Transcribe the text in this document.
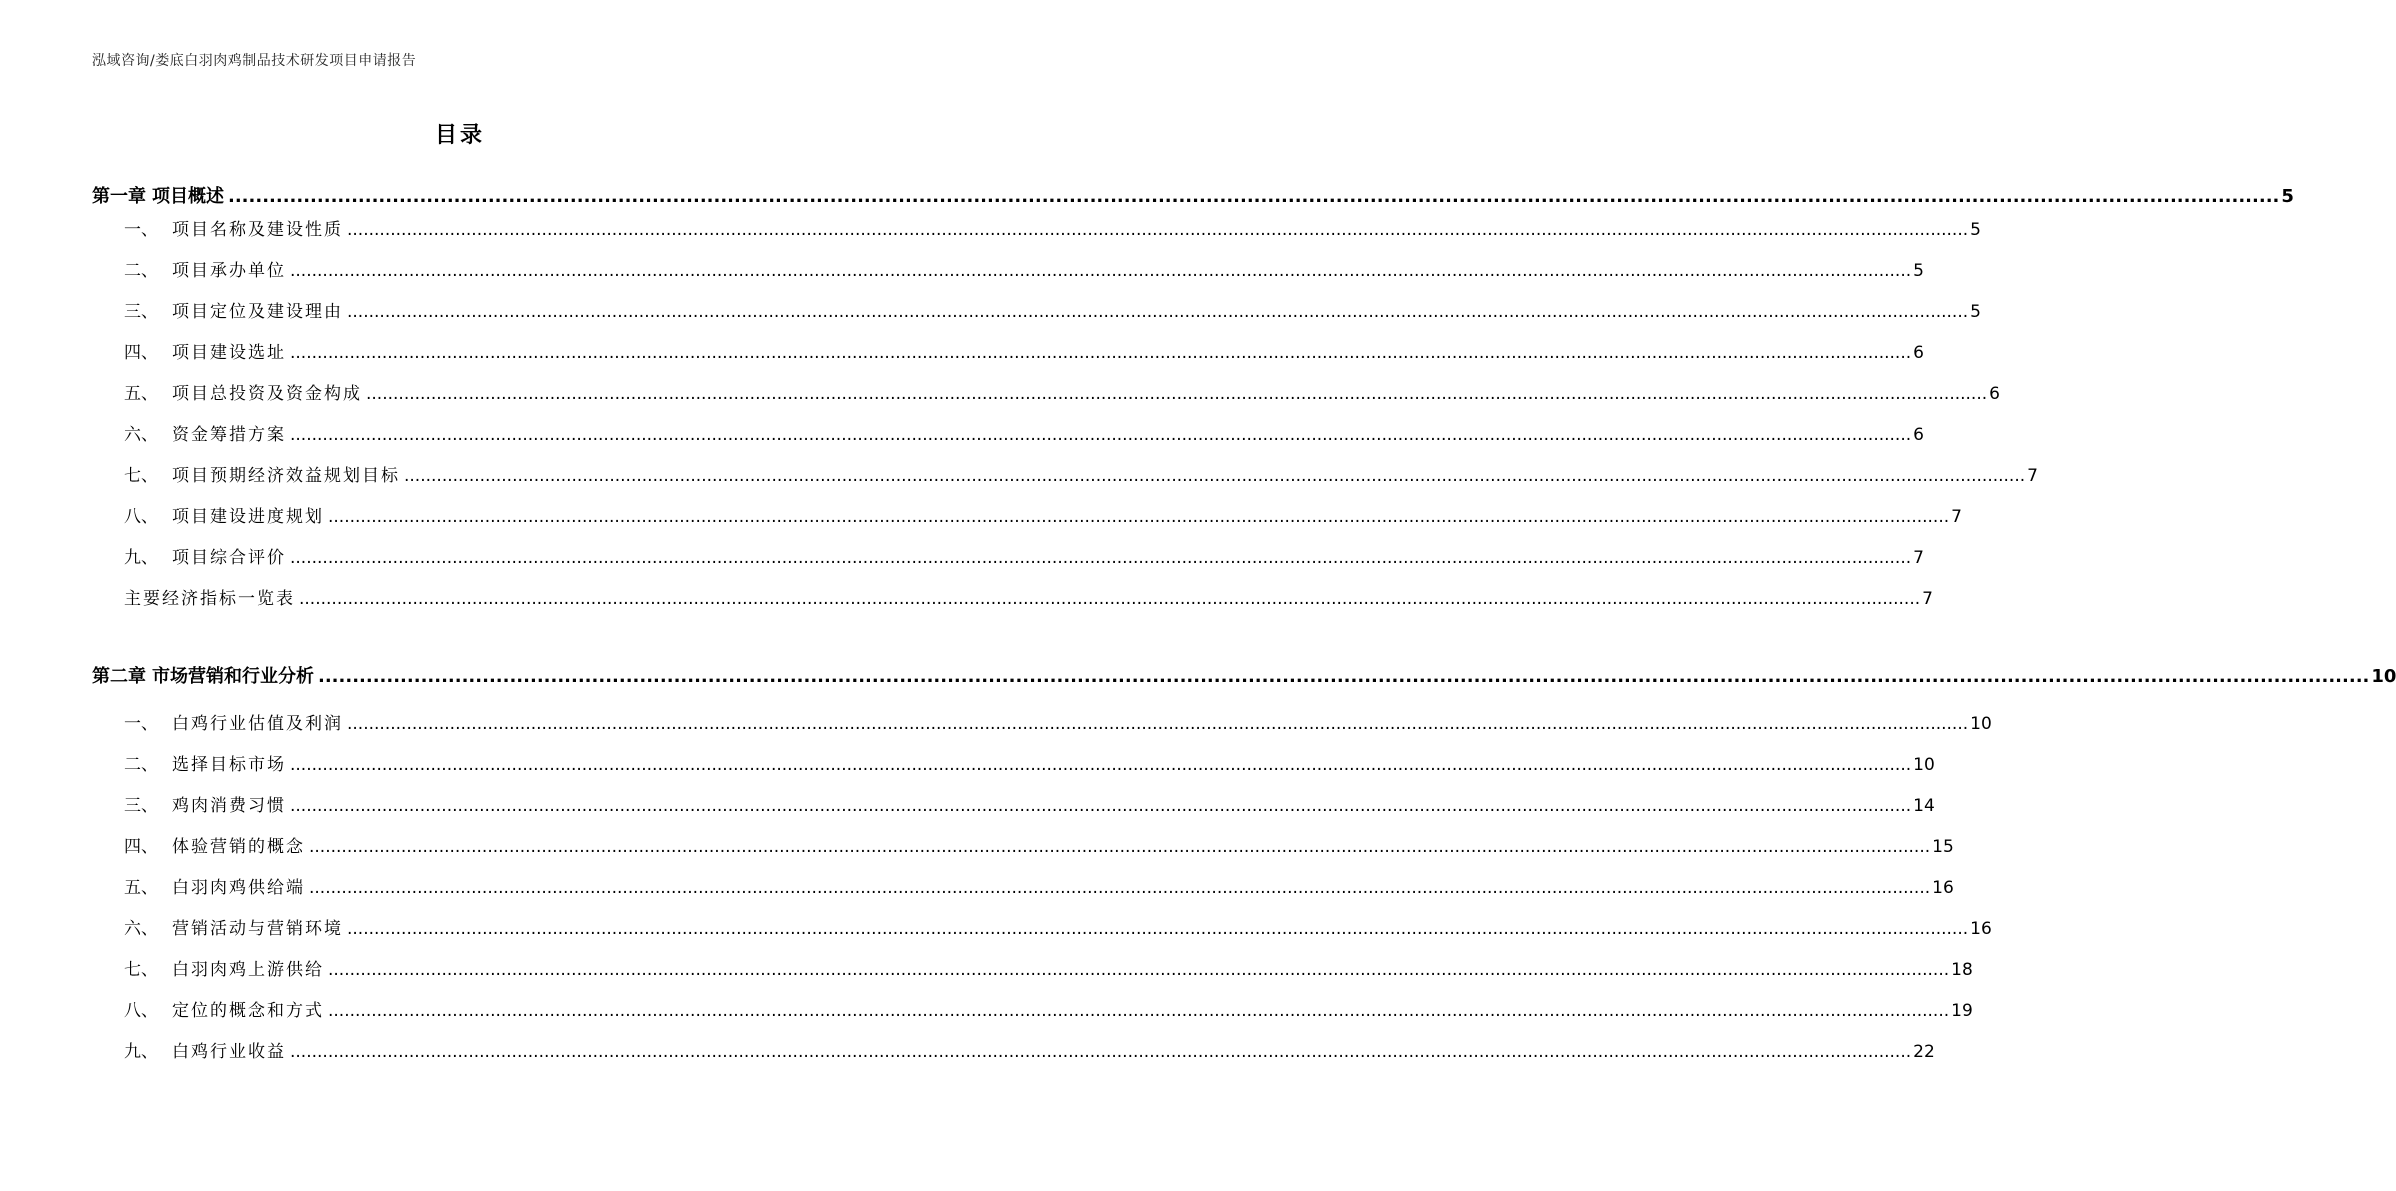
泓域咨询/娄底白羽肉鸡制品技术研发项目申请报告
目录
第一章 项目概述 ............................................................................................................................................................................................................................................................................................................ 5
一、 项目名称及建设性质 ............................................................................................................................................................................................................................................................................................................ 5
二、 项目承办单位 ............................................................................................................................................................................................................................................................................................................ 5
三、 项目定位及建设理由 ............................................................................................................................................................................................................................................................................................................ 5
四、 项目建设选址 ............................................................................................................................................................................................................................................................................................................ 6
五、 项目总投资及资金构成 ............................................................................................................................................................................................................................................................................................................ 6
六、 资金筹措方案 ............................................................................................................................................................................................................................................................................................................ 6
七、 项目预期经济效益规划目标 ............................................................................................................................................................................................................................................................................................................ 7
八、 项目建设进度规划 ............................................................................................................................................................................................................................................................................................................ 7
九、 项目综合评价 ............................................................................................................................................................................................................................................................................................................ 7
主要经济指标一览表 ............................................................................................................................................................................................................................................................................................................ 7
第二章 市场营销和行业分析 ............................................................................................................................................................................................................................................................................................................ 10
一、 白鸡行业估值及利润 ............................................................................................................................................................................................................................................................................................................ 10
二、 选择目标市场 ............................................................................................................................................................................................................................................................................................................ 10
三、 鸡肉消费习惯 ............................................................................................................................................................................................................................................................................................................ 14
四、 体验营销的概念 ............................................................................................................................................................................................................................................................................................................ 15
五、 白羽肉鸡供给端 ............................................................................................................................................................................................................................................................................................................ 16
六、 营销活动与营销环境 ............................................................................................................................................................................................................................................................................................................ 16
七、 白羽肉鸡上游供给 ............................................................................................................................................................................................................................................................................................................ 18
八、 定位的概念和方式 ............................................................................................................................................................................................................................................................................................................ 19
九、 白鸡行业收益 ............................................................................................................................................................................................................................................................................................................ 22
